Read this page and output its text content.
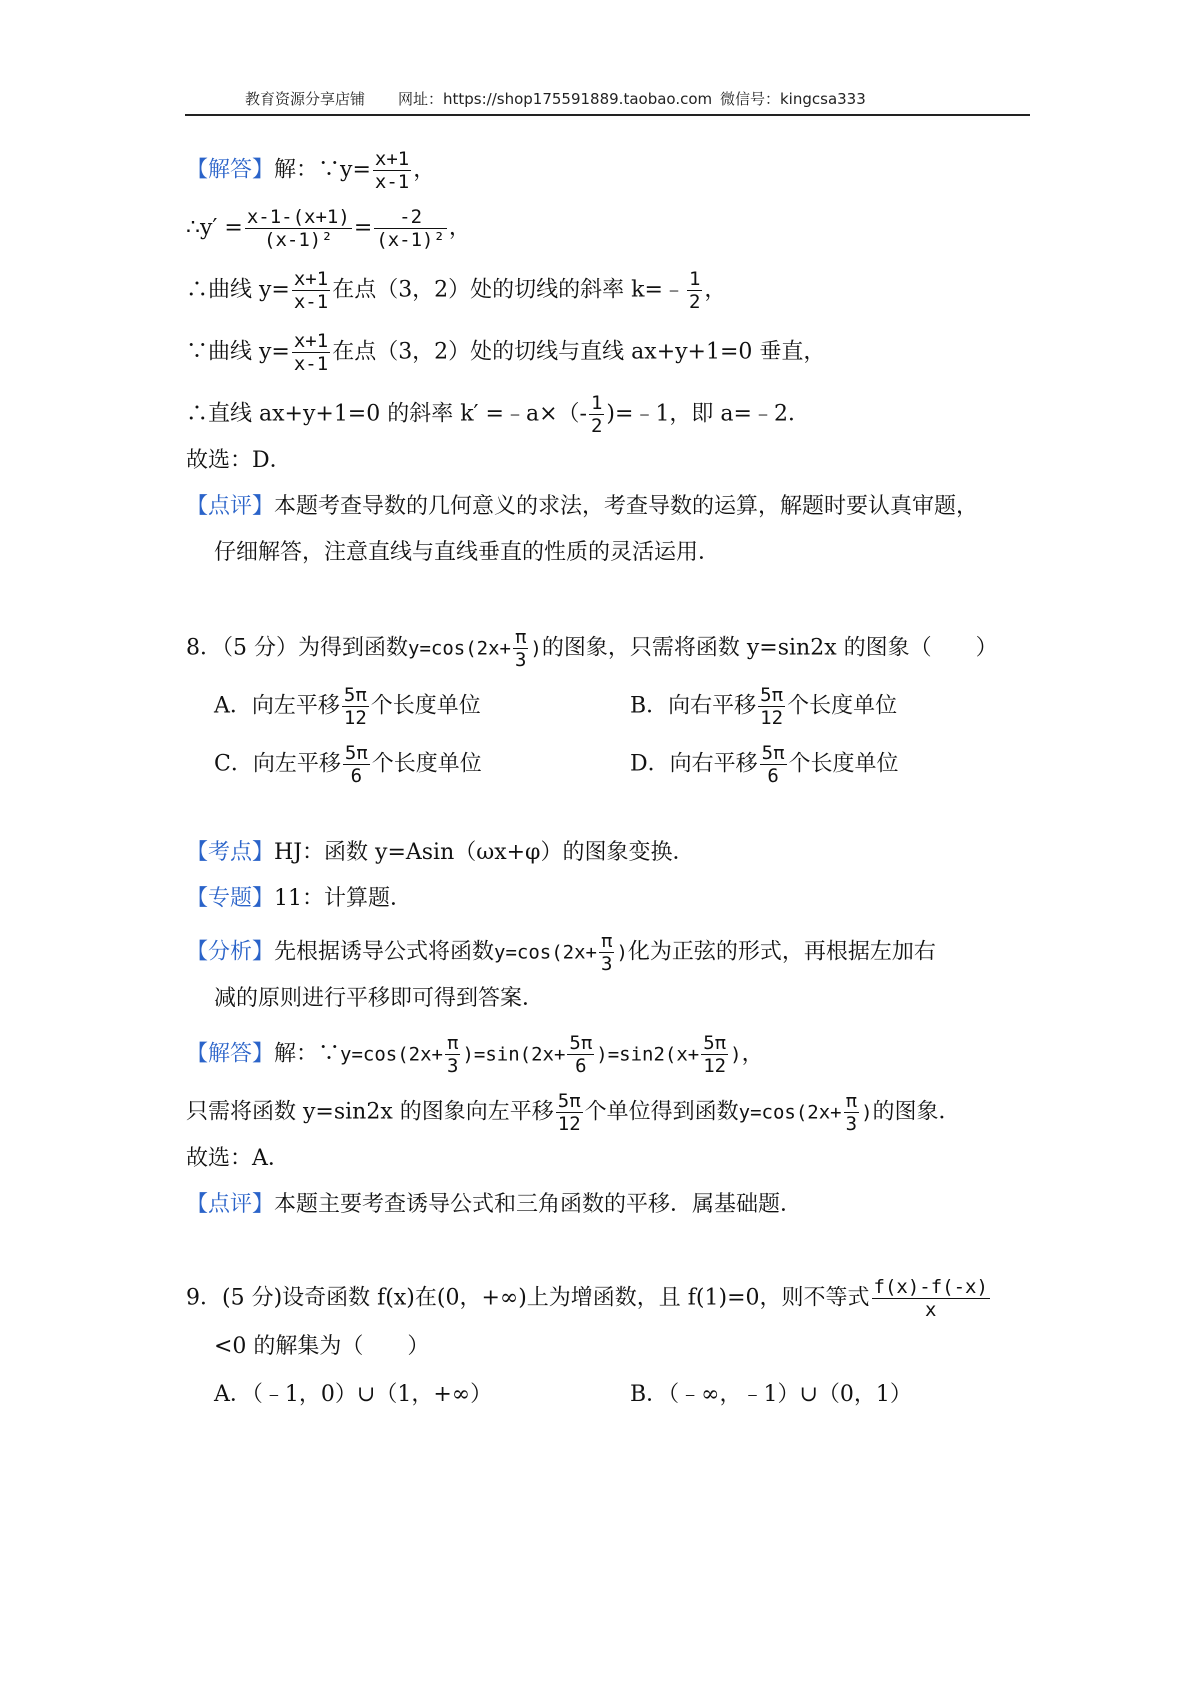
教育资源分享店铺 网址：https://shop175591889.taobao.com 微信号：kingcsa333
【解答】解：∵y= $\frac{x+1}{x-1}$ ，
∴y′ = $\frac{x-1-(x+1)}{\text{(x-1)²}} = \frac{-2}{\text{(x-1)²}}$ ，
∴曲线 $y= \frac{x+1}{x-1}$ 在点（3，2）处的切线的斜率 k=﹣ $\frac{1}{2}$ ，
∵曲线 $y= \frac{x+1}{x-1}$ 在点（3，2）处的切线与直线 ax+y+1=0 垂直，
∴直线 ax+y+1=0 的斜率 k′ =﹣a×（- $\frac{1}{2}$ )=﹣1，即 a=﹣2．
故选：D．
【点评】本题考查导数的几何意义的求法，考查导数的运算，解题时要认真审题，
仔细解答，注意直线与直线垂直的性质的灵活运用．
8．（5 分）为得到函数$y=\cos(2x+ \frac{\pi}{3}$ )的图象，只需将函数 y=sin2x 的图象（　　）
A．向左平移 $\frac{5\pi}{12}$ 个长度单位	B．向右平移 $\frac{5\pi}{12}$ 个长度单位
C．向左平移 $\frac{5\pi}{6}$ 个长度单位	D．向右平移 $\frac{5\pi}{6}$ 个长度单位
【考点】HJ：函数 y=Asin（ωx+φ）的图象变换．
【专题】11：计算题．
【分析】先根据诱导公式将函数$y=\cos(2x+ \frac{\pi}{3}$ )化为正弦的形式，再根据左加右
减的原则进行平移即可得到答案．
【解答】解：∵y=cos(2x+ $\frac{\pi}{3} )=\sin(2x+ \frac{5\pi}{6} )=\sin 2(x+ \frac{5\pi}{12}$ )，
只需将函数 y=sin2x 的图象向左平移 $\frac{5\pi}{12}$ 个单位得到函数$y=\cos(2x+ \frac{\pi}{3}$ )的图象．
故选：A．
【点评】本题主要考查诱导公式和三角函数的平移．属基础题．
9．(5 分)设奇函数 f(x)在(0，+∞)上为增函数，且 f(1)=0，则不等式 $\frac{f(x)-f(-x)}{x}$
<0 的解集为（　　）
A．（﹣1，0）∪（1，+∞）	B．（﹣∞，﹣1）∪（0，1）
